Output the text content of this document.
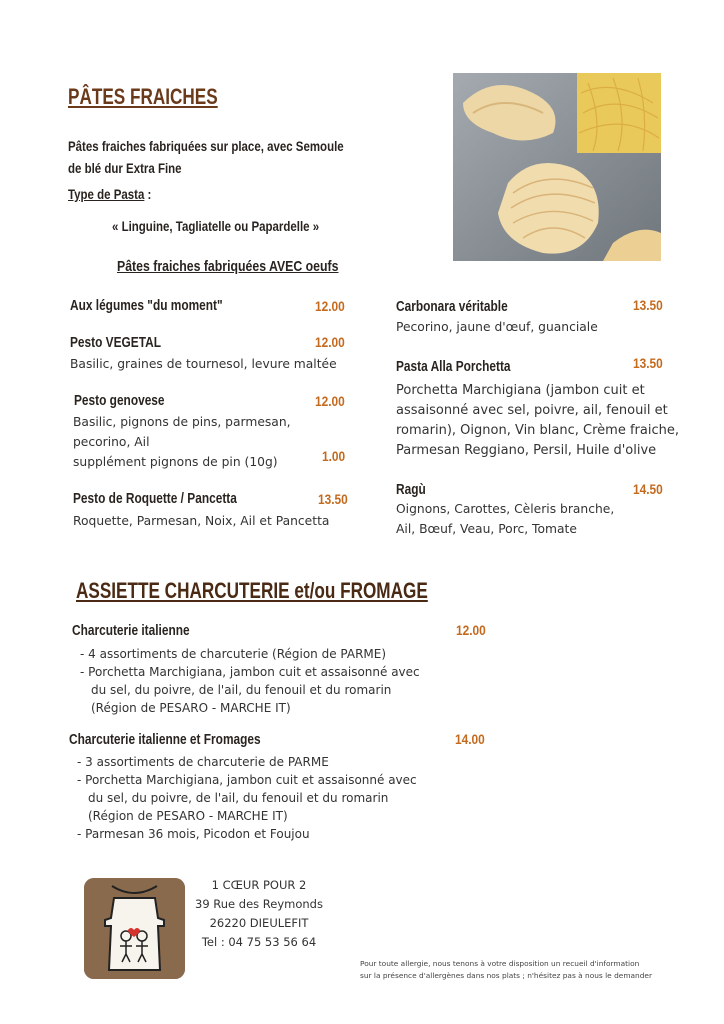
PÂTES FRAICHES
Pâtes fraiches fabriquées sur place, avec Semoule
de blé dur Extra Fine
Type de Pasta :
« Linguine, Tagliatelle ou Papardelle »
Pâtes fraiches fabriquées AVEC oeufs
Aux légumes "du moment"	12.00
Pesto VEGETAL	12.00
Basilic, graines de tournesol, levure maltée
Pesto genovese	12.00
Basilic, pignons de pins, parmesan,
pecorino, Ail
supplément pignons de pin (10g)	1.00
Pesto de Roquette / Pancetta	13.50
Roquette, Parmesan, Noix, Ail et Pancetta
Carbonara véritable	13.50
Pecorino, jaune d'œuf, guanciale
Pasta Alla Porchetta	13.50
Porchetta Marchigiana (jambon cuit et
assaisonné avec sel, poivre, ail, fenouil et
romarin), Oignon, Vin blanc, Crème fraiche,
Parmesan Reggiano, Persil, Huile d'olive
Ragù	14.50
Oignons, Carottes, Cèleris branche,
Ail, Bœuf, Veau, Porc, Tomate
ASSIETTE CHARCUTERIE et/ou FROMAGE
Charcuterie italienne	12.00
- 4 assortiments de charcuterie (Région de PARME)
- Porchetta Marchigiana, jambon cuit et assaisonné avec
du sel, du poivre, de l'ail, du fenouil et du romarin
(Région de PESARO - MARCHE IT)
Charcuterie italienne et Fromages	14.00
- 3 assortiments de charcuterie de PARME
- Porchetta Marchigiana, jambon cuit et assaisonné avec
du sel, du poivre, de l'ail, du fenouil et du romarin
(Région de PESARO - MARCHE IT)
- Parmesan 36 mois, Picodon et Foujou
1 CŒUR POUR 2
39 Rue des Reymonds
26220 DIEULEFIT
Tel : 04 75 53 56 64
Pour toute allergie, nous tenons à votre disposition un recueil d'information
sur la présence d'allergènes dans nos plats ; n'hésitez pas à nous le demander
